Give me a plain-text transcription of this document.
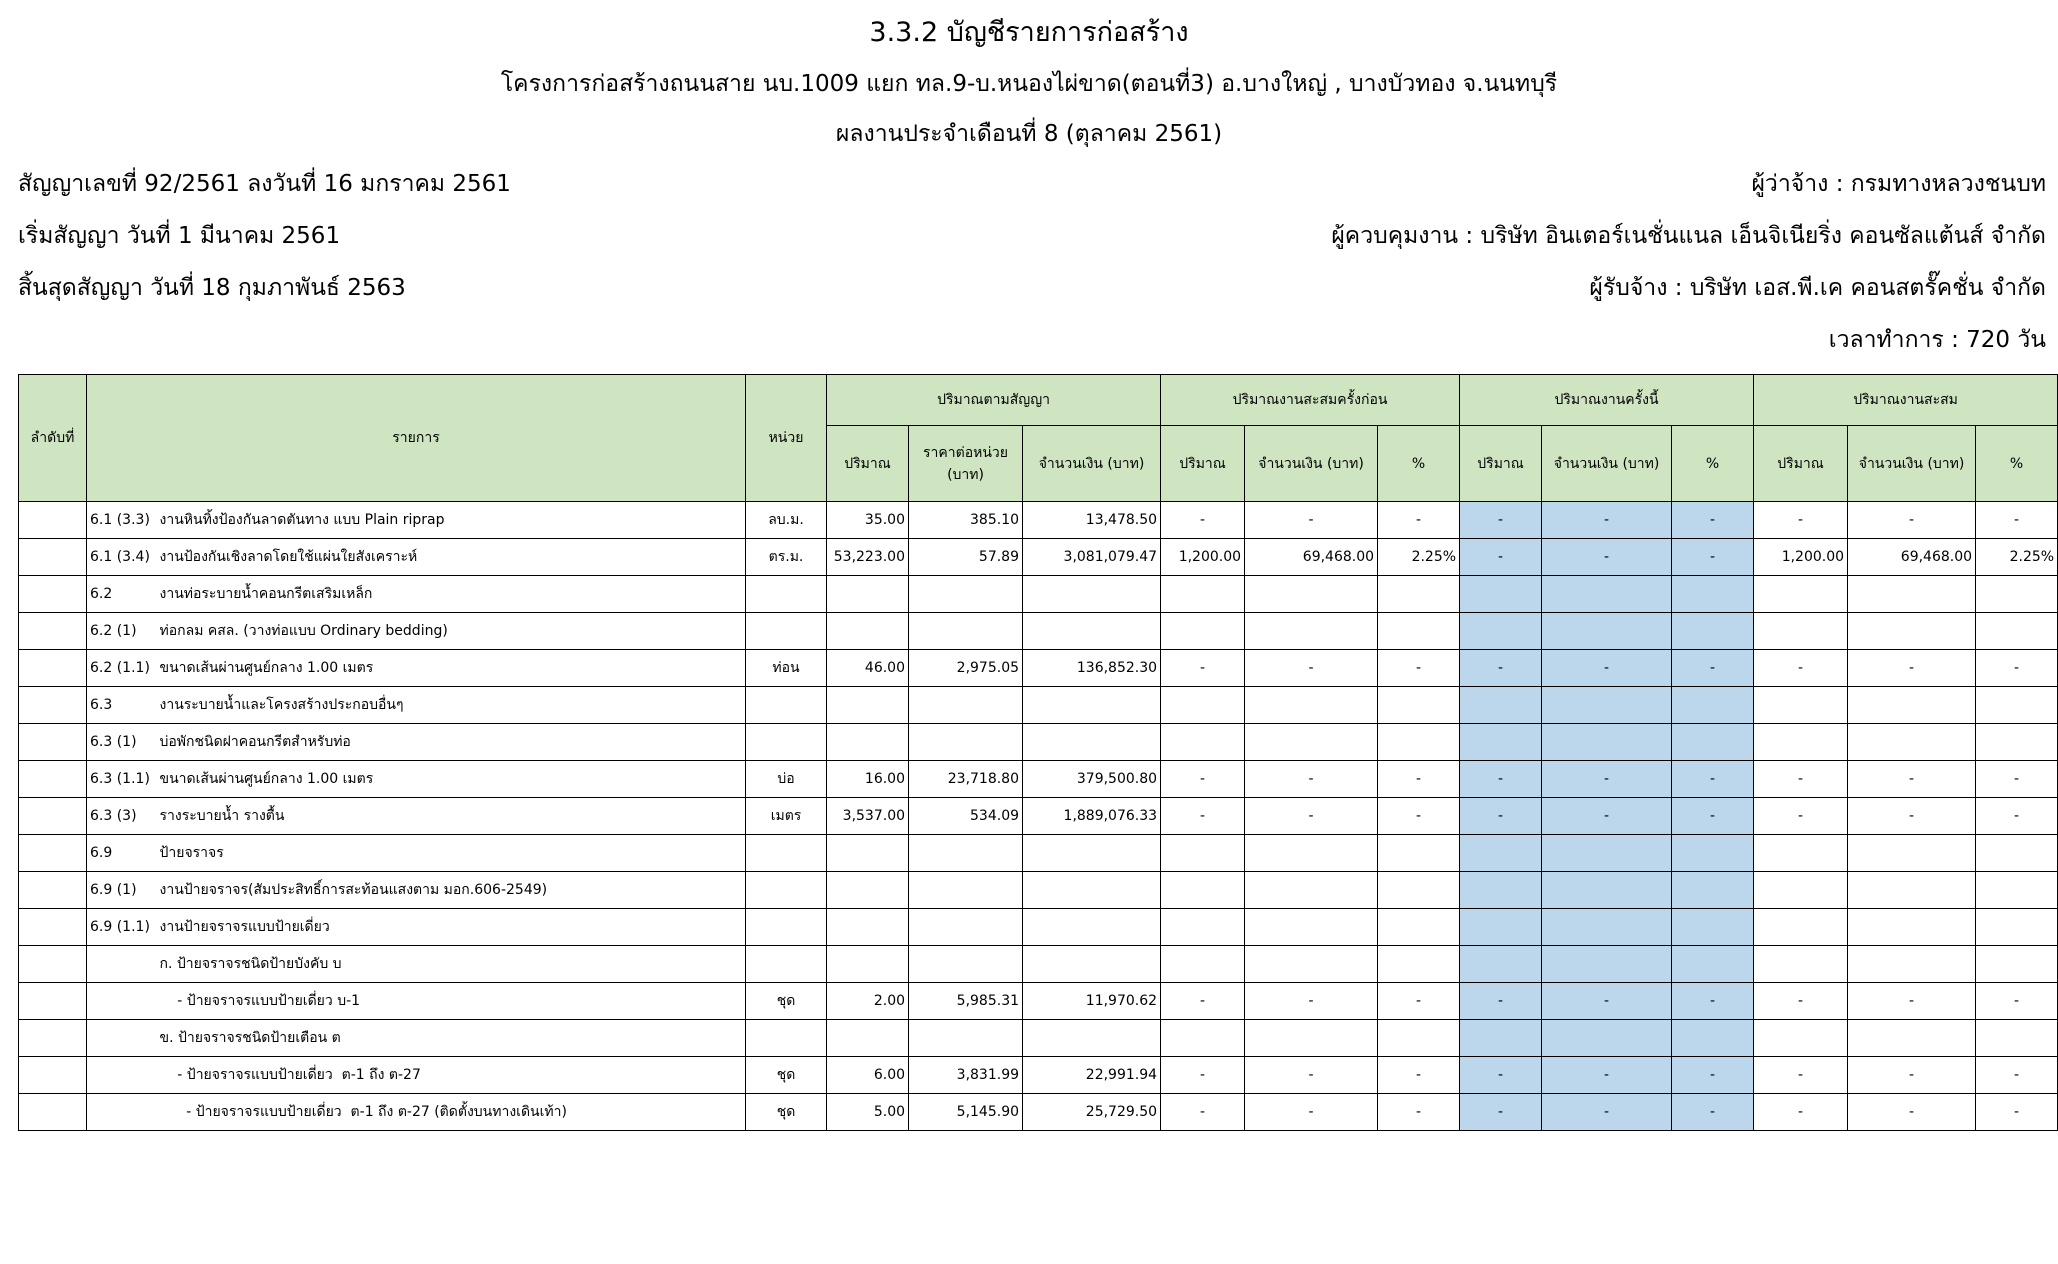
3.3.2 บัญชีรายการก่อสร้าง
โครงการก่อสร้างถนนสาย นบ.1009 แยก ทล.9-บ.หนองไผ่ขาด(ตอนที่3) อ.บางใหญ่ , บางบัวทอง จ.นนทบุรี
ผลงานประจำเดือนที่ 8 (ตุลาคม 2561)
สัญญาเลขที่ 92/2561 ลงวันที่ 16 มกราคม 2561
เริ่มสัญญา วันที่ 1 มีนาคม 2561
สิ้นสุดสัญญา วันที่ 18 กุมภาพันธ์ 2563
ผู้ว่าจ้าง : กรมทางหลวงชนบท
ผู้ควบคุมงาน : บริษัท อินเตอร์เนชั่นแนล เอ็นจิเนียริ่ง คอนซัลแต้นส์ จำกัด
ผู้รับจ้าง : บริษัท เอส.พี.เค คอนสตรั๊คชั่น จำกัด
เวลาทำการ : 720 วัน
ลำดับที่	รายการ		หน่วย	ปริมาณตามสัญญา			ปริมาณงานสะสมครั้งก่อน			ปริมาณงานครั้งนี้			ปริมาณงานสะสม		
				ปริมาณ	ราคาต่อหน่วย (บาท)	จำนวนเงิน (บาท)	ปริมาณ	จำนวนเงิน (บาท)	%	ปริมาณ	จำนวนเงิน (บาท)	%	ปริมาณ	จำนวนเงิน (บาท)	%
	6.1 (3.3)	งานหินทิ้งป้องกันลาดตันทาง แบบ Plain riprap	ลบ.ม.	35.00	385.10	13,478.50	-	-	-	-	-	-	-	-	-
	6.1 (3.4)	งานป้องกันเชิงลาดโดยใช้แผ่นใยสังเคราะห์	ตร.ม.	53,223.00	57.89	3,081,079.47	1,200.00	69,468.00	2.25%	-	-	-	1,200.00	69,468.00	2.25%
	6.2	งานท่อระบายน้ำคอนกรีตเสริมเหล็ก													
	6.2 (1)	ท่อกลม คสล. (วางท่อแบบ Ordinary bedding)													
	6.2 (1.1)	ขนาดเส้นผ่านศูนย์กลาง 1.00 เมตร	ท่อน	46.00	2,975.05	136,852.30	-	-	-	-	-	-	-	-	-
	6.3	งานระบายน้ำและโครงสร้างประกอบอื่นๆ													
	6.3 (1)	บ่อพักชนิดฝาคอนกรีตสำหรับท่อ													
	6.3 (1.1)	ขนาดเส้นผ่านศูนย์กลาง 1.00 เมตร	บ่อ	16.00	23,718.80	379,500.80	-	-	-	-	-	-	-	-	-
	6.3 (3)	รางระบายน้ำ รางตื้น	เมตร	3,537.00	534.09	1,889,076.33	-	-	-	-	-	-	-	-	-
	6.9	ป้ายจราจร													
	6.9 (1)	งานป้ายจราจร(สัมประสิทธิ์การสะท้อนแสงตาม มอก.606-2549)													
	6.9 (1.1)	งานป้ายจราจรแบบป้ายเดี่ยว													
		ก. ป้ายจราจรชนิดป้ายบังคับ บ													
		- ป้ายจราจรแบบป้ายเดี่ยว บ-1	ชุด	2.00	5,985.31	11,970.62	-	-	-	-	-	-	-	-	-
		ข. ป้ายจราจรชนิดป้ายเตือน ต													
		- ป้ายจราจรแบบป้ายเดี่ยว  ต-1 ถึง ต-27	ชุด	6.00	3,831.99	22,991.94	-	-	-	-	-	-	-	-	-
		- ป้ายจราจรแบบป้ายเดี่ยว  ต-1 ถึง ต-27 (ติดตั้งบนทางเดินเท้า)	ชุด	5.00	5,145.90	25,729.50	-	-	-	-	-	-	-	-	-
